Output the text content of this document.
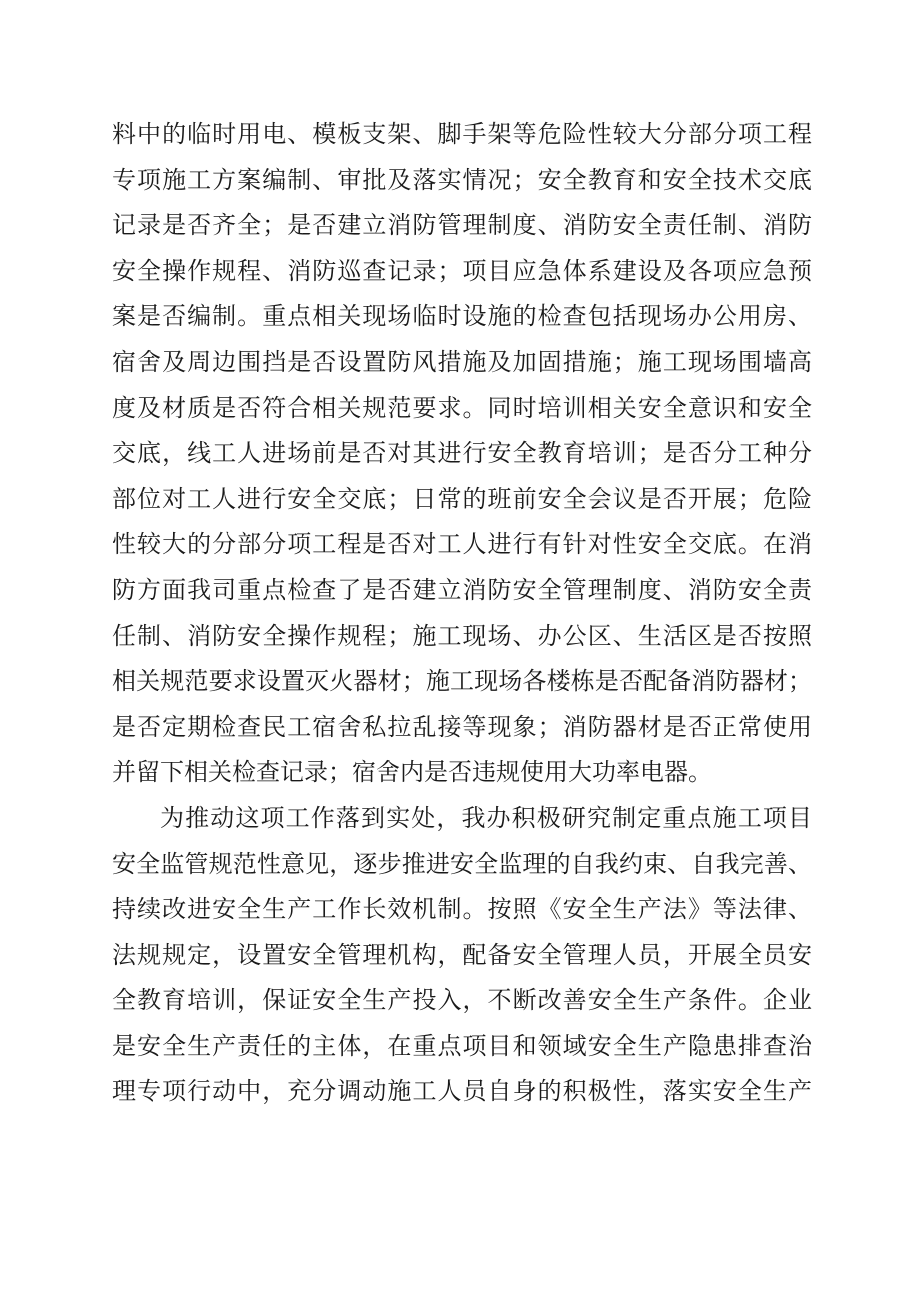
料中的临时用电、模板支架、脚手架等危险性较大分部分项工程
专项施工方案编制、审批及落实情况；安全教育和安全技术交底
记录是否齐全；是否建立消防管理制度、消防安全责任制、消防
安全操作规程、消防巡查记录；项目应急体系建设及各项应急预
案是否编制。重点相关现场临时设施的检查包括现场办公用房、
宿舍及周边围挡是否设置防风措施及加固措施；施工现场围墙高
度及材质是否符合相关规范要求。同时培训相关安全意识和安全
交底，线工人进场前是否对其进行安全教育培训；是否分工种分
部位对工人进行安全交底；日常的班前安全会议是否开展；危险
性较大的分部分项工程是否对工人进行有针对性安全交底。在消
防方面我司重点检查了是否建立消防安全管理制度、消防安全责
任制、消防安全操作规程；施工现场、办公区、生活区是否按照
相关规范要求设置灭火器材；施工现场各楼栋是否配备消防器材；
是否定期检查民工宿舍私拉乱接等现象；消防器材是否正常使用
并留下相关检查记录；宿舍内是否违规使用大功率电器。
为推动这项工作落到实处，我办积极研究制定重点施工项目
安全监管规范性意见，逐步推进安全监理的自我约束、自我完善、
持续改进安全生产工作长效机制。按照《安全生产法》等法律、
法规规定，设置安全管理机构，配备安全管理人员，开展全员安
全教育培训，保证安全生产投入，不断改善安全生产条件。企业
是安全生产责任的主体，在重点项目和领域安全生产隐患排查治
理专项行动中，充分调动施工人员自身的积极性，落实安全生产
